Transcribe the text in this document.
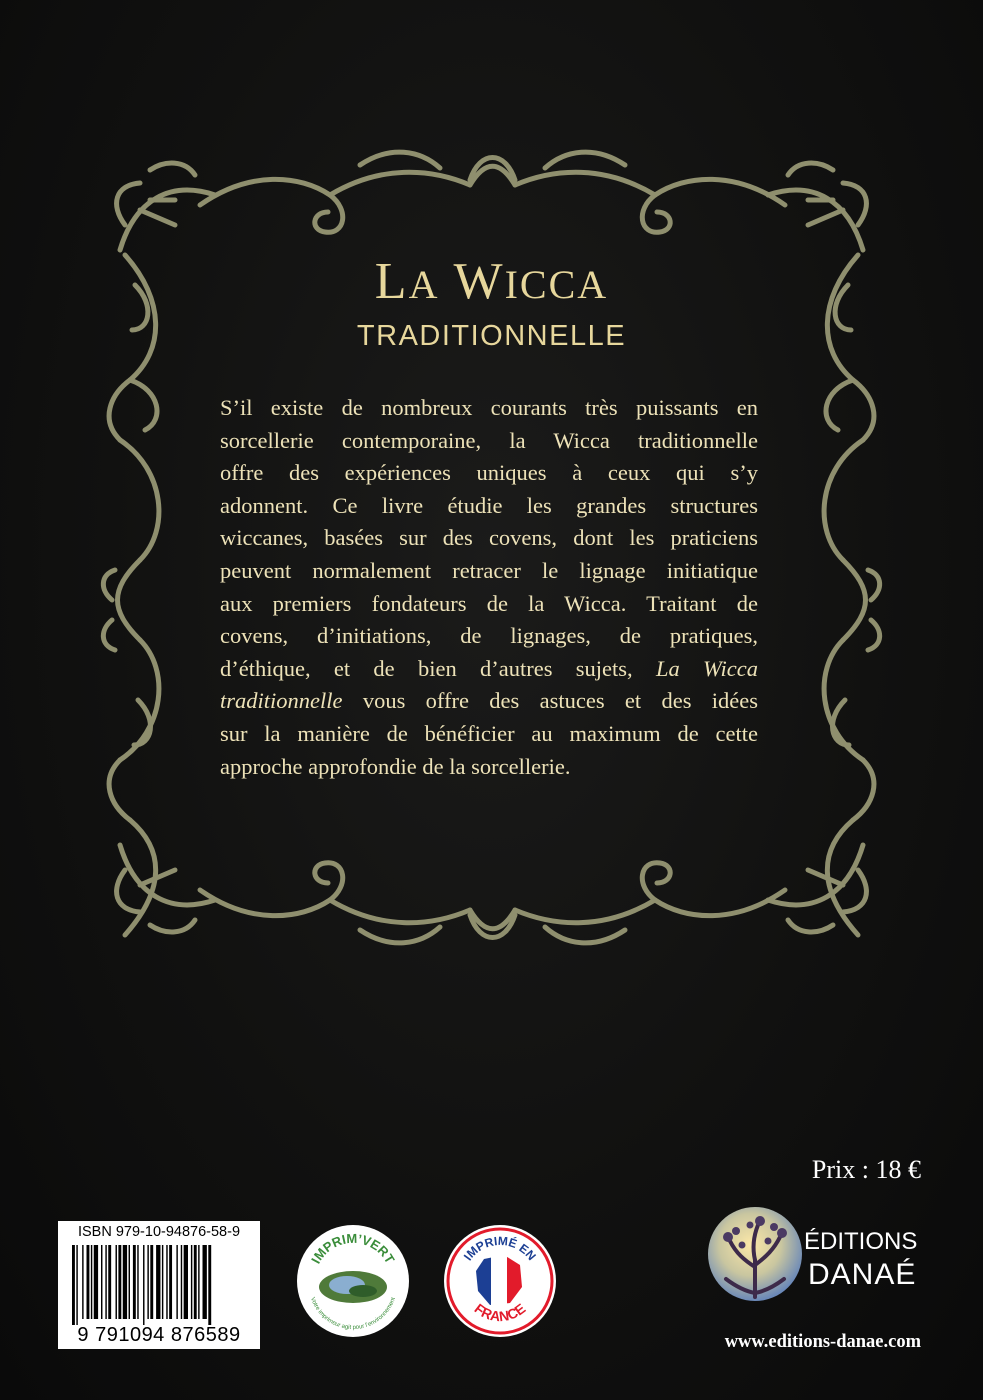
LA WICCA
TRADITIONNELLE
S’il existe de nombreux courants très puissants en
sorcellerie contemporaine, la Wicca traditionnelle
offre des expériences uniques à ceux qui s’y
adonnent. Ce livre étudie les grandes structures
wiccanes, basées sur des covens, dont les praticiens
peuvent normalement retracer le lignage initiatique
aux premiers fondateurs de la Wicca. Traitant de
covens, d’initiations, de lignages, de pratiques,
d’éthique, et de bien d’autres sujets, La Wicca
traditionnelle vous offre des astuces et des idées
sur la manière de bénéficier au maximum de cette
approche approfondie de la sorcellerie.
Prix : 18 €
ISBN 979-10-94876-58-9
9 791094 876589
IMPRIM’VERT
Votre imprimeur agit pour l’environnement
IMPRIMÉ EN
FRANCE
ÉDITIONS
DANAÉ
www.editions-danae.com
